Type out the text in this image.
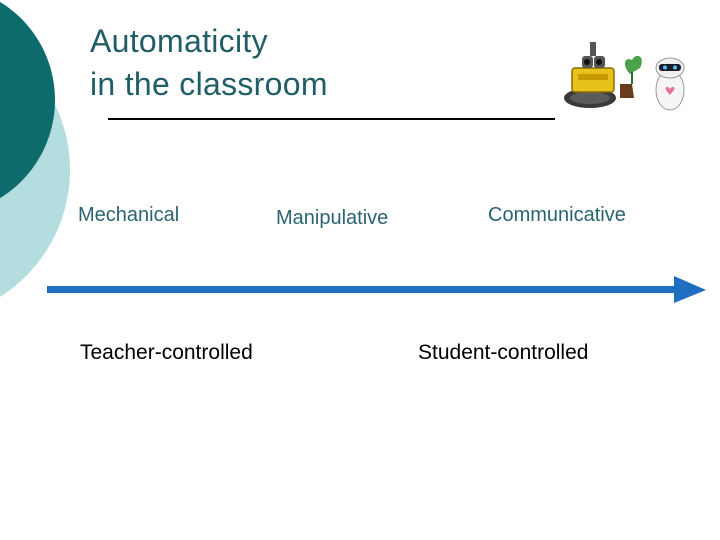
Automaticity
in the classroom
Mechanical	Manipulative	Communicative
Teacher-controlled	Student-controlled
